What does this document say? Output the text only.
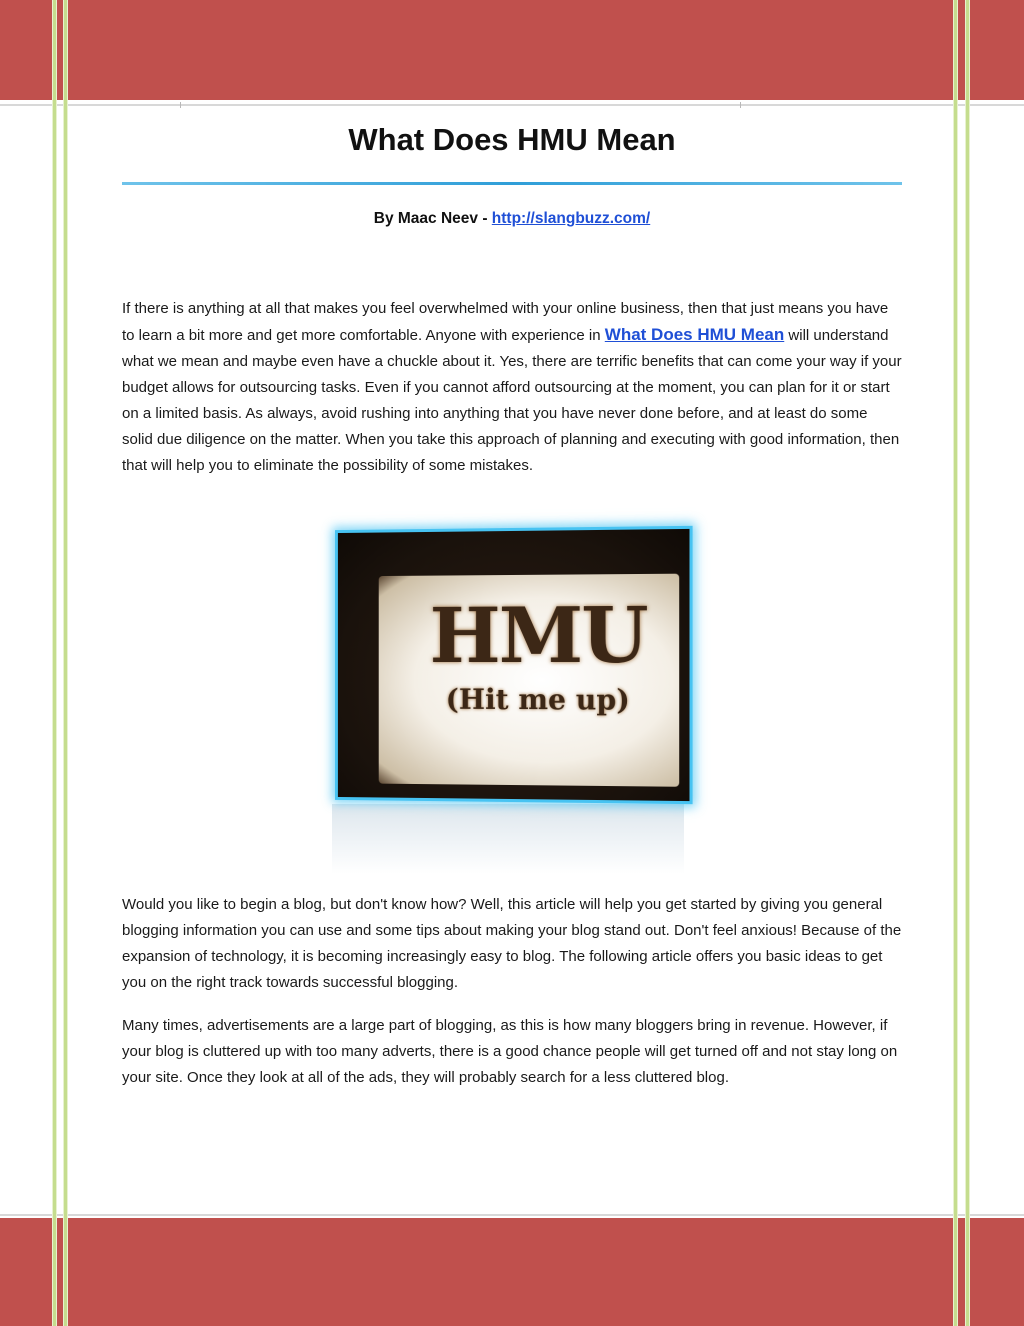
What Does HMU Mean
By Maac Neev - http://slangbuzz.com/

If there is anything at all that makes you feel overwhelmed with your online business, then that just means you have to learn a bit more and get more comfortable. Anyone with experience in What Does HMU Mean will understand what we mean and maybe even have a chuckle about it. Yes, there are terrific benefits that can come your way if your budget allows for outsourcing tasks. Even if you cannot afford outsourcing at the moment, you can plan for it or start on a limited basis. As always, avoid rushing into anything that you have never done before, and at least do some solid due diligence on the matter. When you take this approach of planning and executing with good information, then that will help you to eliminate the possibility of some mistakes.

HMU
(Hit me up)

Would you like to begin a blog, but don't know how? Well, this article will help you get started by giving you general blogging information you can use and some tips about making your blog stand out. Don't feel anxious! Because of the expansion of technology, it is becoming increasingly easy to blog. The following article offers you basic ideas to get you on the right track towards successful blogging.

Many times, advertisements are a large part of blogging, as this is how many bloggers bring in revenue. However, if your blog is cluttered up with too many adverts, there is a good chance people will get turned off and not stay long on your site. Once they look at all of the ads, they will probably search for a less cluttered blog.
